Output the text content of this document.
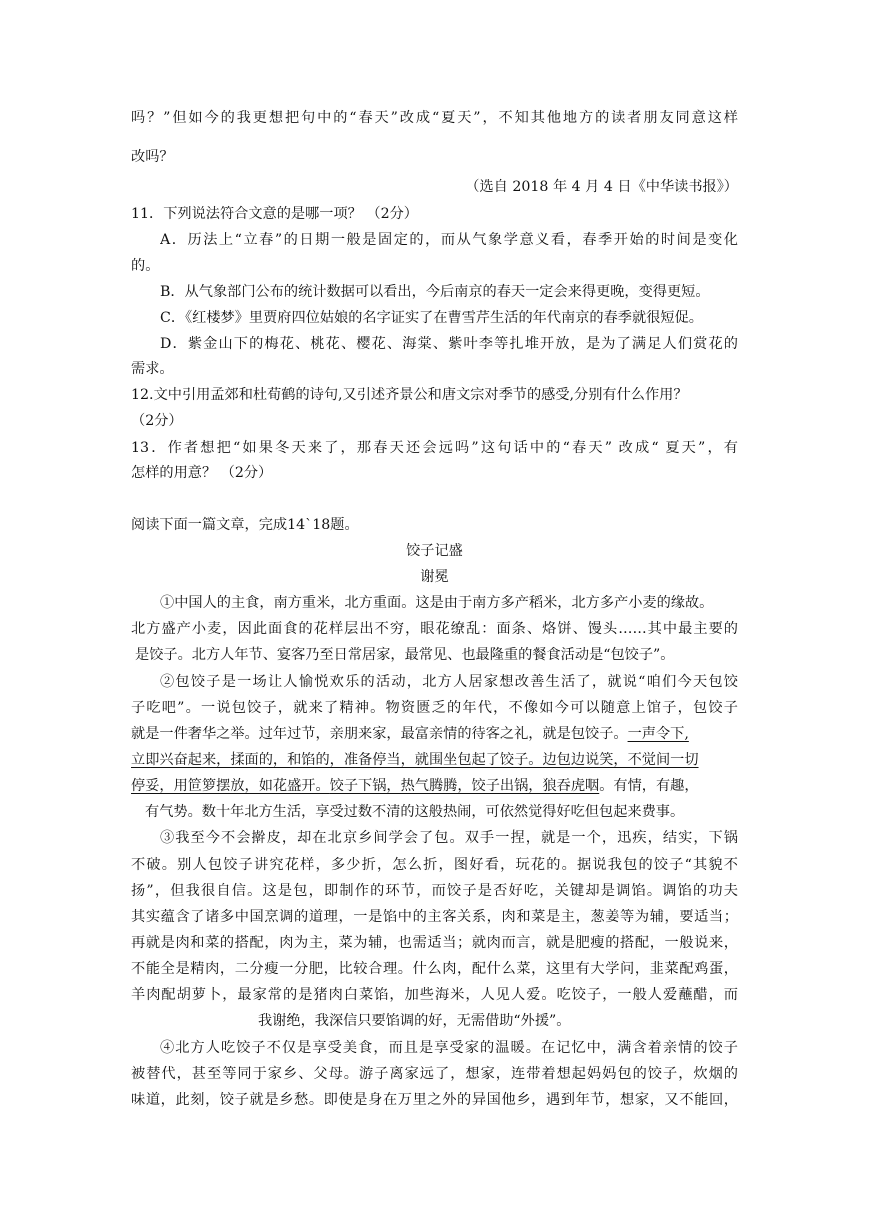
吗？”但如今的我更想把句中的“春天”改成“夏天”，不知其他地方的读者朋友同意这样
改吗？
（选自 2018 年 4 月 4 日《中华读书报》）
11．下列说法符合文意的是哪一项？ （2分）
A．历法上“立春”的日期一般是固定的，而从气象学意义看，春季开始的时间是变化
的。
B．从气象部门公布的统计数据可以看出，今后南京的春天一定会来得更晚，变得更短。
C．《红楼梦》里贾府四位姑娘的名字证实了在曹雪芹生活的年代南京的春季就很短促。
D．紫金山下的梅花、桃花、樱花、海棠、紫叶李等扎堆开放，是为了满足人们赏花的
需求。
12.文中引用孟郊和杜荀鹤的诗句,又引述齐景公和唐文宗对季节的感受,分别有什么作用？
（2分）
13．作者想把“如果冬天来了，那春天还会远吗”这句话中的“春天” 改成“ 夏天”，有
怎样的用意？ （2分）
阅读下面一篇文章，完成14`18题。
饺子记盛
谢冕
①中国人的主食，南方重米，北方重面。这是由于南方多产稻米，北方多产小麦的缘故。
北方盛产小麦，因此面食的花样层出不穷，眼花缭乱：面条、烙饼、馒头……其中最主要的
是饺子。北方人年节、宴客乃至日常居家，最常见、也最隆重的餐食活动是“包饺子”。
②包饺子是一场让人愉悦欢乐的活动，北方人居家想改善生活了，就说“咱们今天包饺
子吃吧”。一说包饺子，就来了精神。物资匮乏的年代，不像如今可以随意上馆子，包饺子
就是一件奢华之举。过年过节，亲朋来家，最富亲情的待客之礼，就是包饺子。一声令下,
立即兴奋起来，揉面的，和馅的，准备停当，就围坐包起了饺子。边包边说笑，不觉间一切
停妥，用笸箩摆放，如花盛开。饺子下锅，热气腾腾，饺子出锅，狼吞虎咽。有情，有趣，
有气势。数十年北方生活，享受过数不清的这般热闹，可依然觉得好吃但包起来费事。
③我至今不会擀皮，却在北京乡间学会了包。双手一捏，就是一个，迅疾，结实，下锅
不破。别人包饺子讲究花样，多少折，怎么折，图好看，玩花的。据说我包的饺子“其貌不
扬”，但我很自信。这是包，即制作的环节，而饺子是否好吃，关键却是调馅。调馅的功夫
其实蕴含了诸多中国烹调的道理，一是馅中的主客关系，肉和菜是主，葱姜等为辅，要适当；
再就是肉和菜的搭配，肉为主，菜为辅，也需适当；就肉而言，就是肥瘦的搭配，一般说来，
不能全是精肉，二分瘦一分肥，比较合理。什么肉，配什么菜，这里有大学问，韭菜配鸡蛋，
羊肉配胡萝卜，最家常的是猪肉白菜馅，加些海米，人见人爱。吃饺子，一般人爱蘸醋，而
我谢绝，我深信只要馅调的好，无需借助“外援”。
④北方人吃饺子不仅是享受美食，而且是享受家的温暖。在记忆中，满含着亲情的饺子
被替代，甚至等同于家乡、父母。游子离家远了，想家，连带着想起妈妈包的饺子，炊烟的
味道，此刻，饺子就是乡愁。即使是身在万里之外的异国他乡，遇到年节，想家，又不能回，
